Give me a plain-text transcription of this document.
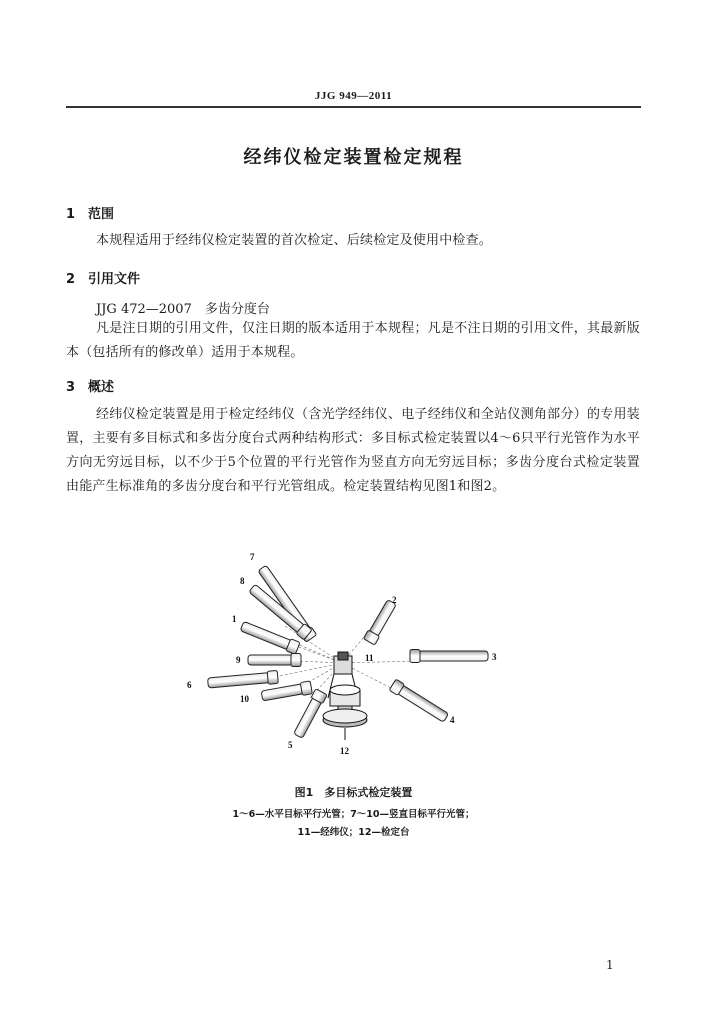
JJG 949—2011
经纬仪检定装置检定规程
1 范围

本规程适用于经纬仪检定装置的首次检定、后续检定及使用中检查。

2 引用文件
JJG 472—2007　多齿分度台

凡是注日期的引用文件，仅注日期的版本适用于本规程；凡是不注日期的引用文件，其最新版本（包括所有的修改单）适用于本规程。

3 概述

经纬仪检定装置是用于检定经纬仪（含光学经纬仪、电子经纬仪和全站仪测角部分）的专用装置，主要有多目标式和多齿分度台式两种结构形式：多目标式检定装置以4～6只平行光管作为水平方向无穷远目标，以不少于5个位置的平行光管作为竖直方向无穷远目标；多齿分度台式检定装置由能产生标准角的多齿分度台和平行光管组成。检定装置结构见图1和图2。

7
8
1
9
6
10
5
2
3
4
11
12
图1　多目标式检定装置
1～6—水平目标平行光管；7～10—竖直目标平行光管；
11—经纬仪；12—检定台
1
